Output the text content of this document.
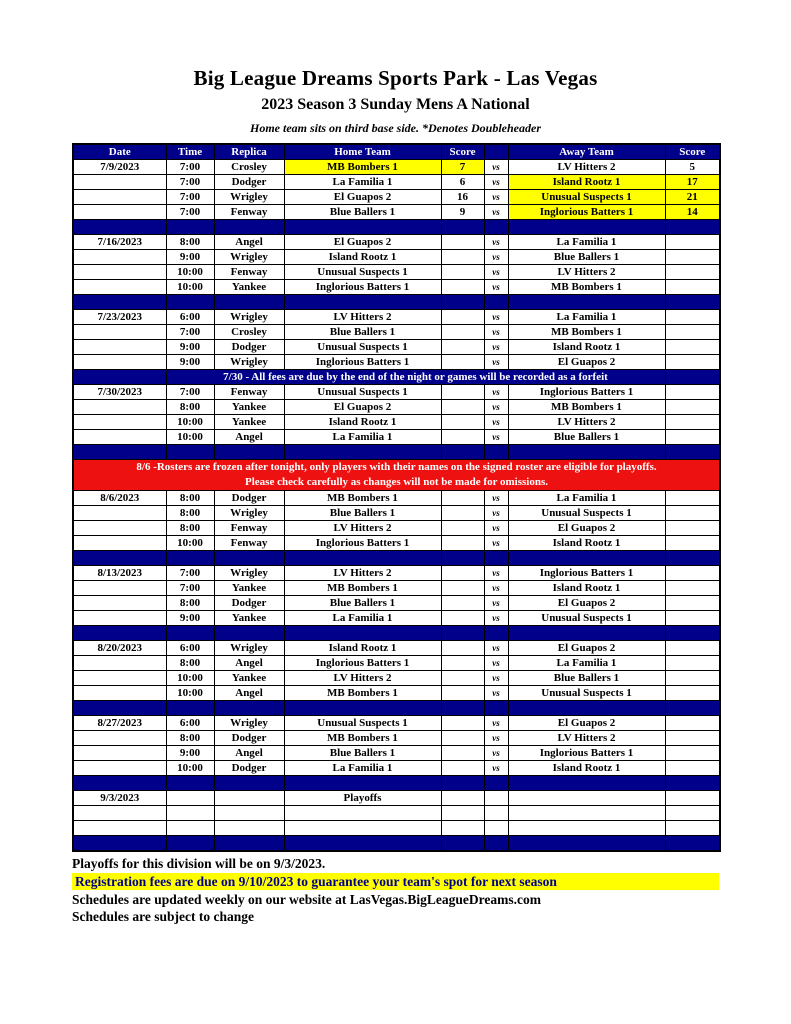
Big League Dreams Sports Park - Las Vegas
2023 Season 3 Sunday Mens A National
Home team sits on third base side. *Denotes Doubleheader
Date	Time	Replica	Home Team	Score		Away Team	Score
7/9/2023	7:00	Crosley	MB Bombers 1	7	vs	LV Hitters 2	5
	7:00	Dodger	La Familia 1	6	vs	Island Rootz 1	17
	7:00	Wrigley	El Guapos 2	16	vs	Unusual Suspects 1	21
	7:00	Fenway	Blue Ballers 1	9	vs	Inglorious Batters 1	14

7/16/2023	8:00	Angel	El Guapos 2		vs	La Familia 1	
	9:00	Wrigley	Island Rootz 1		vs	Blue Ballers 1	
	10:00	Fenway	Unusual Suspects 1		vs	LV Hitters 2	
	10:00	Yankee	Inglorious Batters 1		vs	MB Bombers 1	

7/23/2023	6:00	Wrigley	LV Hitters 2		vs	La Familia 1	
	7:00	Crosley	Blue Ballers 1		vs	MB Bombers 1	
	9:00	Dodger	Unusual Suspects 1		vs	Island Rootz 1	
	9:00	Wrigley	Inglorious Batters 1		vs	El Guapos 2	
	7/30 - All fees are due by the end of the night or games will be recorded as a forfeit						
7/30/2023	7:00	Fenway	Unusual Suspects 1		vs	Inglorious Batters 1	
	8:00	Yankee	El Guapos 2		vs	MB Bombers 1	
	10:00	Yankee	Island Rootz 1		vs	LV Hitters 2	
	10:00	Angel	La Familia 1		vs	Blue Ballers 1	

8/6 -Rosters are frozen after tonight, only players with their names on the signed roster are eligible for playoffs.
Please check carefully as changes will not be made for omissions.							

8/6/2023	8:00	Dodger	MB Bombers 1		vs	La Familia 1	
	8:00	Wrigley	Blue Ballers 1		vs	Unusual Suspects 1	
	8:00	Fenway	LV Hitters 2		vs	El Guapos 2	
	10:00	Fenway	Inglorious Batters 1		vs	Island Rootz 1	

8/13/2023	7:00	Wrigley	LV Hitters 2		vs	Inglorious Batters 1	
	7:00	Yankee	MB Bombers 1		vs	Island Rootz 1	
	8:00	Dodger	Blue Ballers 1		vs	El Guapos 2	
	9:00	Yankee	La Familia 1		vs	Unusual Suspects 1	

8/20/2023	6:00	Wrigley	Island Rootz 1		vs	El Guapos 2	
	8:00	Angel	Inglorious Batters 1		vs	La Familia 1	
	10:00	Yankee	LV Hitters 2		vs	Blue Ballers 1	
	10:00	Angel	MB Bombers 1		vs	Unusual Suspects 1	

8/27/2023	6:00	Wrigley	Unusual Suspects 1		vs	El Guapos 2	
	8:00	Dodger	MB Bombers 1		vs	LV Hitters 2	
	9:00	Angel	Blue Ballers 1		vs	Inglorious Batters 1	
	10:00	Dodger	La Familia 1		vs	Island Rootz 1	

9/3/2023			Playoffs				

Playoffs for this division will be on 9/3/2023.
Registration fees are due on 9/10/2023 to guarantee your team's spot for next season
Schedules are updated weekly on our website at LasVegas.BigLeagueDreams.com
Schedules are subject to change
